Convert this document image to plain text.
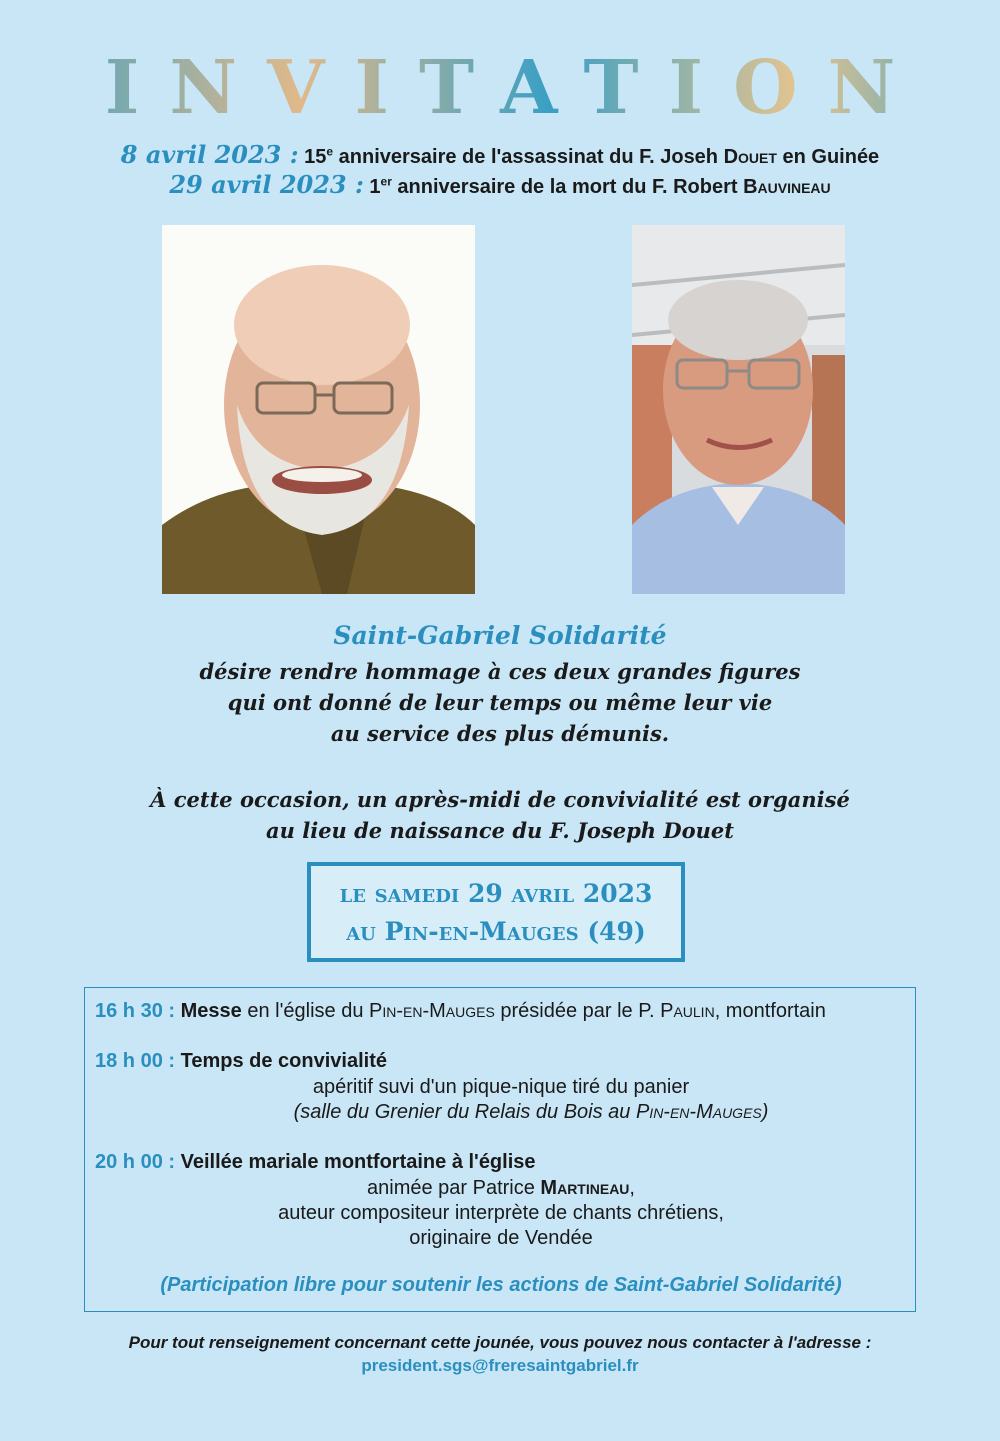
INVITATION
8 avril 2023 : 15e anniversaire de l'assassinat du F. Joseh Douet en Guinée
29 avril 2023 : 1er anniversaire de la mort du F. Robert Bauvineau
Saint-Gabriel Solidarité
désire rendre hommage à ces deux grandes figures
qui ont donné de leur temps ou même leur vie
au service des plus démunis.
À cette occasion, un après-midi de convivialité est organisé
au lieu de naissance du F. Joseph Douet
le samedi 29 avril 2023
au Pin-en-Mauges (49)
16 h 30 : Messe en l'église du Pin-en-Mauges présidée par le P. Paulin, montfortain
18 h 00 : Temps de convivialité
apéritif suvi d'un pique-nique tiré du panier
(salle du Grenier du Relais du Bois au Pin-en-Mauges)
20 h 00 : Veillée mariale montfortaine à l'église
animée par Patrice Martineau,
auteur compositeur interprète de chants chrétiens,
originaire de Vendée
(Participation libre pour soutenir les actions de Saint-Gabriel Solidarité)
Pour tout renseignement concernant cette jounée, vous pouvez nous contacter à l'adresse :
president.sgs@freresaintgabriel.fr
